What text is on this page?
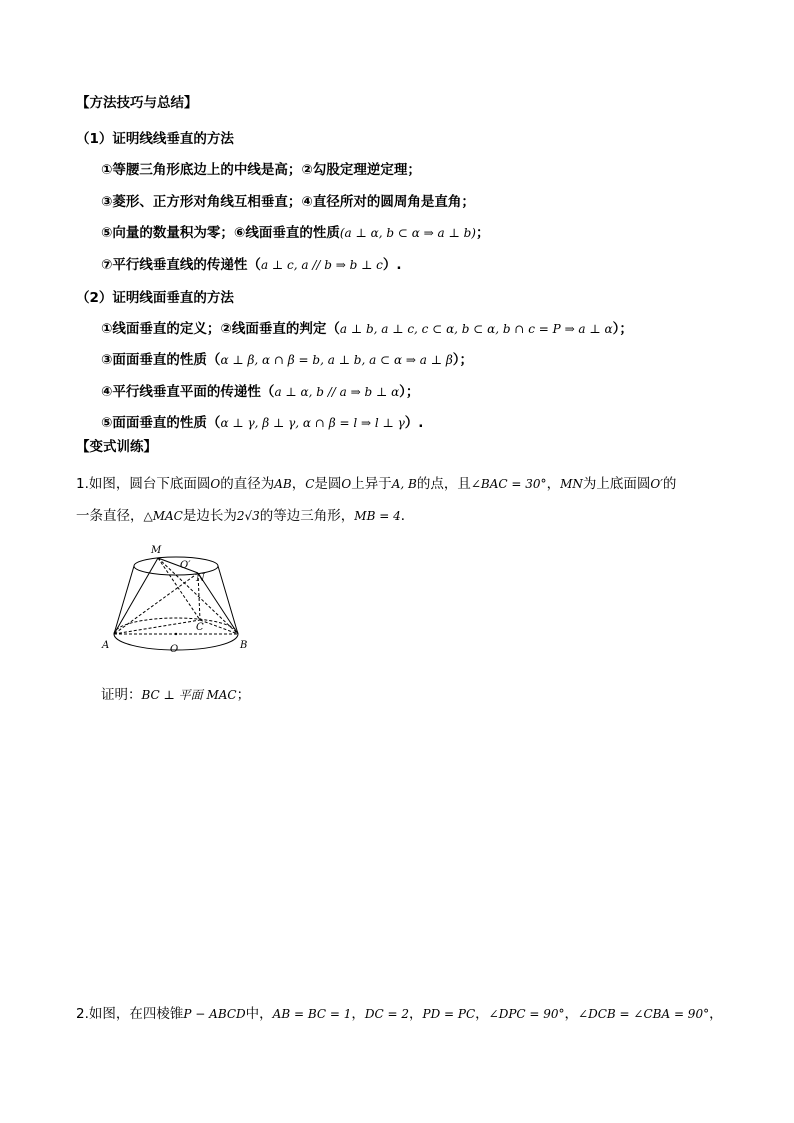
【方法技巧与总结】
（1）证明线线垂直的方法
①等腰三角形底边上的中线是高；②勾股定理逆定理；
③菱形、正方形对角线互相垂直；④直径所对的圆周角是直角；
⑤向量的数量积为零；⑥线面垂直的性质(a ⊥ α, b ⊂ α ⇒ a ⊥ b)；
⑦平行线垂直线的传递性（a ⊥ c, a // b ⇒ b ⊥ c）.
（2）证明线面垂直的方法
①线面垂直的定义；②线面垂直的判定（a ⊥ b, a ⊥ c, c ⊂ α, b ⊂ α, b ∩ c = P ⇒ a ⊥ α）；
③面面垂直的性质（α ⊥ β, α ∩ β = b, a ⊥ b, a ⊂ α ⇒ a ⊥ β）；
④平行线垂直平面的传递性（a ⊥ α, b // a ⇒ b ⊥ α）；
⑤面面垂直的性质（α ⊥ γ, β ⊥ γ, α ∩ β = l ⇒ l ⊥ γ）.
【变式训练】
1.如图，圆台下底面圆O的直径为AB，C是圆O上异于A, B的点，且∠BAC = 30°，MN为上底面圆O′的
一条直径，△MAC是边长为2√3的等边三角形，MB = 4．
M
O′
N
C
A	O	B
证明：BC ⊥ 平面 MAC；
2.如图，在四棱锥P − ABCD中，AB = BC = 1，DC = 2，PD = PC，∠DPC = 90°，∠DCB = ∠CBA = 90°，
